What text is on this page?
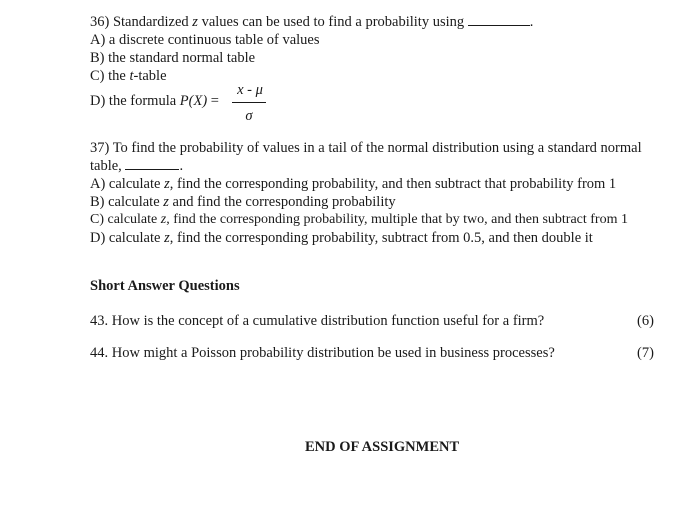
36) Standardized z values can be used to find a probability using	.
A) a discrete continuous table of values
B) the standard normal table
C) the t-table
D) the formula P(X) =
x - μ
σ
37) To find the probability of values in a tail of the normal distribution using a standard normal
table,	.
A) calculate z, find the corresponding probability, and then subtract that probability from 1
B) calculate z and find the corresponding probability
C) calculate z, find the corresponding probability, multiple that by two, and then subtract from 1
D) calculate z, find the corresponding probability, subtract from 0.5, and then double it
Short Answer Questions
43. How is the concept of a cumulative distribution function useful for a firm?	(6)
44. How might a Poisson probability distribution be used in business processes?	(7)
END OF ASSIGNMENT
